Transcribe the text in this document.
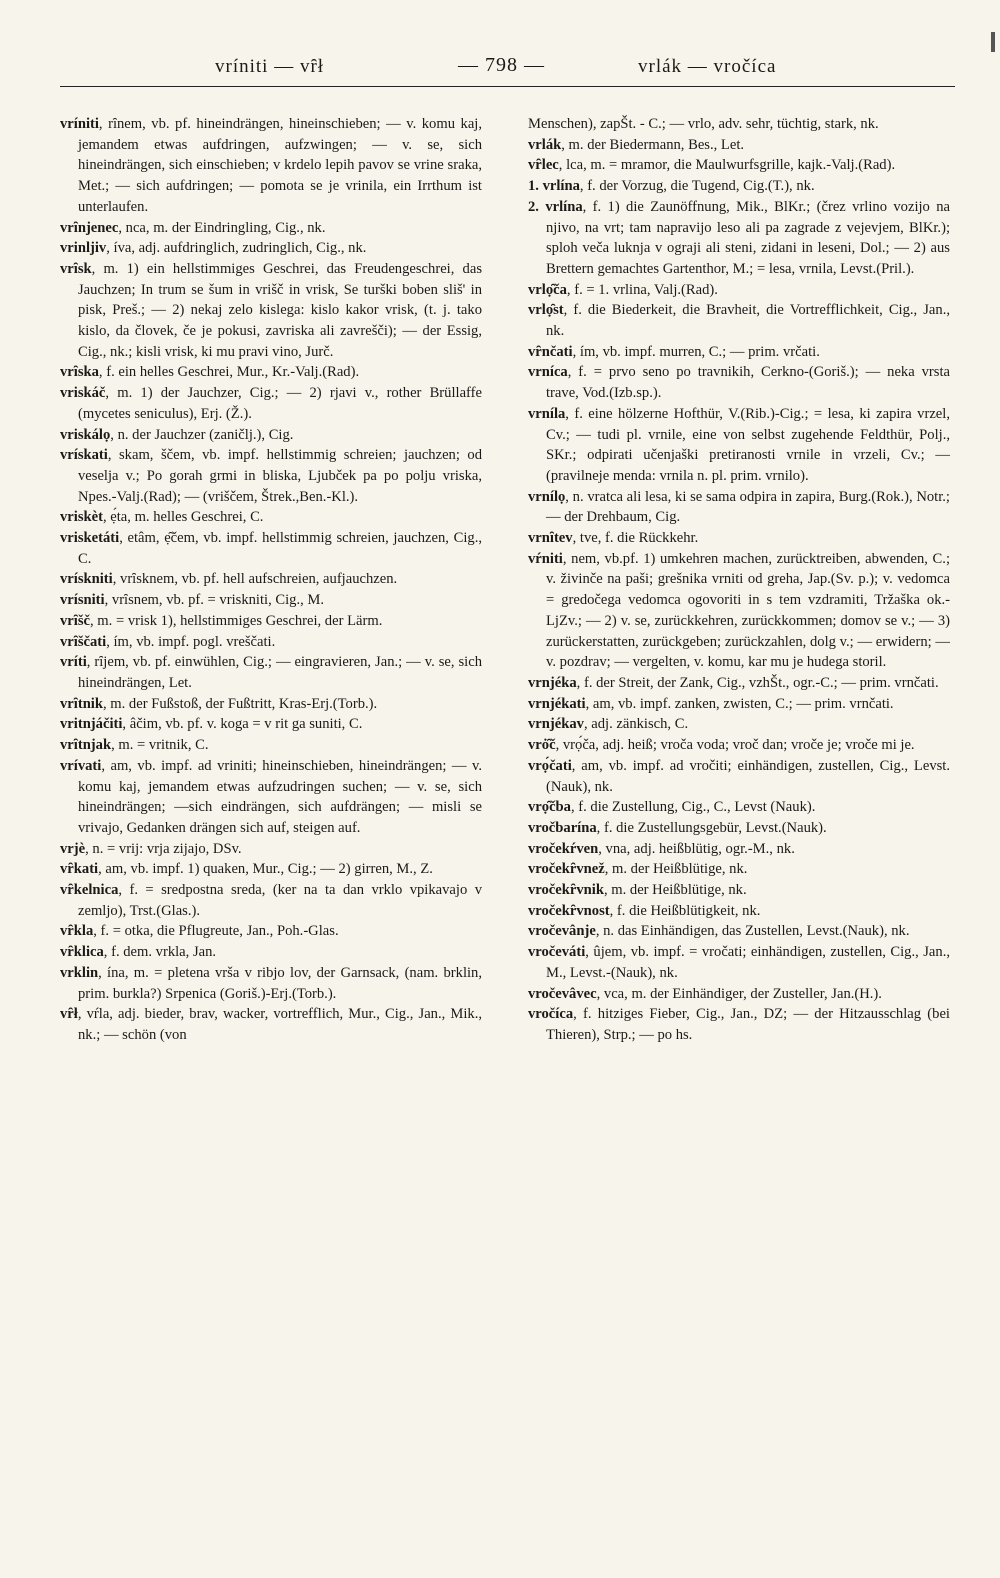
vríniti — vȓł	— 798 —	vrlák — vročíca

vríniti, rȋnem, vb. pf. hineindrängen, hineinschieben; — v. komu kaj, jemandem etwas aufdringen, aufzwingen; — v. se, sich hineindrängen, sich einschieben; v krdelo lepih pavov se vrine sraka, Met.; — sich aufdringen; — pomota se je vrinila, ein Irrthum ist unterlaufen.

vrȋnjenec, nca, m. der Eindringling, Cig., nk.

vrinljiv, íva, adj. aufdringlich, zudringlich, Cig., nk.

vrȋsk, m. 1) ein hellstimmiges Geschrei, das Freudengeschrei, das Jauchzen; In trum se šum in vrišč in vrisk, Se turški boben sliš' in pisk, Preš.; — 2) nekaj zelo kislega: kislo kakor vrisk, (t. j. tako kislo, da človek, če je pokusi, zavriska ali zavrešči); — der Essig, Cig., nk.; kisli vrisk, ki mu pravi vino, Jurč.

vrȋska, f. ein helles Geschrei, Mur., Kr.-Valj.(Rad).

vriskáč, m. 1) der Jauchzer, Cig.; — 2) rjavi v., rother Brüllaffe (mycetes seniculus), Erj. (Ž.).

vriskálọ, n. der Jauchzer (zaničlj.), Cig.

vrískati, skam, ščem, vb. impf. hellstimmig schreien; jauchzen; od veselja v.; Po gorah grmi in bliska, Ljubček pa po polju vriska, Npes.-Valj.(Rad); — (vriščem, Štrek.,Ben.-Kl.).

vriskèt, ẹ́ta, m. helles Geschrei, C.

vrisketáti, etâm, ẹ̑čem, vb. impf. hellstimmig schreien, jauchzen, Cig., C.

vrískniti, vrȋsknem, vb. pf. hell aufschreien, aufjauchzen.

vrísniti, vrȋsnem, vb. pf. = vriskniti, Cig., M.

vrȋšč, m. = vrisk 1), hellstimmiges Geschrei, der Lärm.

vrȋščati, ím, vb. impf. pogl. vreščati.

vríti, rȋjem, vb. pf. einwühlen, Cig.; — eingravieren, Jan.; — v. se, sich hineindrängen, Let.

vrȋtnik, m. der Fußstoß, der Fußtritt, Kras-Erj.(Torb.).

vritnjáčiti, âčim, vb. pf. v. koga = v rit ga suniti, C.

vrȋtnjak, m. = vritnik, C.

vrívati, am, vb. impf. ad vriniti; hineinschieben, hineindrängen; — v. komu kaj, jemandem etwas aufzudringen suchen; — v. se, sich hineindrängen; —sich eindrängen, sich aufdrängen; — misli se vrivajo, Gedanken drängen sich auf, steigen auf.

vrjè, n. = vrij: vrja zijajo, DSv.

vȓkati, am, vb. impf. 1) quaken, Mur., Cig.; — 2) girren, M., Z.

vȓkelnica, f. = sredpostna sreda, (ker na ta dan vrklo vpikavajo v zemljo), Trst.(Glas.).

vȓkla, f. = otka, die Pflugreute, Jan., Poh.-Glas.

vȓklica, f. dem. vrkla, Jan.

vrklin, ína, m. = pletena vrša v ribjo lov, der Garnsack, (nam. brklin, prim. burkla?) Srpenica (Goriš.)-Erj.(Torb.).

vȓł, vŕla, adj. bieder, brav, wacker, vortrefflich, Mur., Cig., Jan., Mik., nk.; — schön (von

Menschen), zapŠt. - C.; — vrlo, adv. sehr, tüchtig, stark, nk.

vrlák, m. der Biedermann, Bes., Let.

vȓlec, lca, m. = mramor, die Maulwurfsgrille, kajk.-Valj.(Rad).

1. vrlína, f. der Vorzug, die Tugend, Cig.(T.), nk.

2. vrlína, f. 1) die Zaunöffnung, Mik., BlKr.; (črez vrlino vozijo na njivo, na vrt; tam napravijo leso ali pa zagrade z vejevjem, BlKr.); sploh veča luknja v ograji ali steni, zidani in leseni, Dol.; — 2) aus Brettern gemachtes Gartenthor, M.; = lesa, vrnila, Levst.(Pril.).

vrlọ̑ča, f. = 1. vrlina, Valj.(Rad).

vrlọ̑st, f. die Biederkeit, die Bravheit, die Vortrefflichkeit, Cig., Jan., nk.

vȓnčati, ím, vb. impf. murren, C.; — prim. vrčati.

vrníca, f. = prvo seno po travnikih, Cerkno-(Goriš.); — neka vrsta trave, Vod.(Izb.sp.).

vrníla, f. eine hölzerne Hofthür, V.(Rib.)-Cig.; = lesa, ki zapira vrzel, Cv.; — tudi pl. vrnile, eine von selbst zugehende Feldthür, Polj., SKr.; odpirati učenjaški pretiranosti vrnile in vrzeli, Cv.; — (pravilneje menda: vrnila n. pl. prim. vrnilo).

vrnílọ, n. vratca ali lesa, ki se sama odpira in zapira, Burg.(Rok.), Notr.; — der Drehbaum, Cig.

vrnȋtev, tve, f. die Rückkehr.

vŕniti, nem, vb.pf. 1) umkehren machen, zurücktreiben, abwenden, C.; v. živinče na paši; grešnika vrniti od greha, Jap.(Sv. p.); v. vedomca = gredočega vedomca ogovoriti in s tem vzdramiti, Tržaška ok.-LjZv.; — 2) v. se, zurückkehren, zurückkommen; domov se v.; — 3) zurückerstatten, zurückgeben; zurückzahlen, dolg v.; — erwidern; — v. pozdrav; — vergelten, v. komu, kar mu je hudega storil.

vrnjéka, f. der Streit, der Zank, Cig., vzhŠt., ogr.-C.; — prim. vrnčati.

vrnjékati, am, vb. impf. zanken, zwisten, C.; — prim. vrnčati.

vrnjékav, adj. zänkisch, C.

vrȯ̑č, vrọ́ča, adj. heiß; vroča voda; vroč dan; vroče je; vroče mi je.

vrọ́čati, am, vb. impf. ad vročiti; einhändigen, zustellen, Cig., Levst.(Nauk), nk.

vrọ̑čba, f. die Zustellung, Cig., C., Levst (Nauk).

vročbarína, f. die Zustellungsgebür, Levst.(Nauk).

vročekŕven, vna, adj. heißblütig, ogr.-M., nk.

vročekȓvnež, m. der Heißblütige, nk.

vročekȓvnik, m. der Heißblütige, nk.

vročekȓvnost, f. die Heißblütigkeit, nk.

vročevânje, n. das Einhändigen, das Zustellen, Levst.(Nauk), nk.

vročeváti, ûjem, vb. impf. = vročati; einhändigen, zustellen, Cig., Jan., M., Levst.-(Nauk), nk.

vročevâvec, vca, m. der Einhändiger, der Zusteller, Jan.(H.).

vročíca, f. hitziges Fieber, Cig., Jan., DZ; — der Hitzausschlag (bei Thieren), Strp.; — po hs.
